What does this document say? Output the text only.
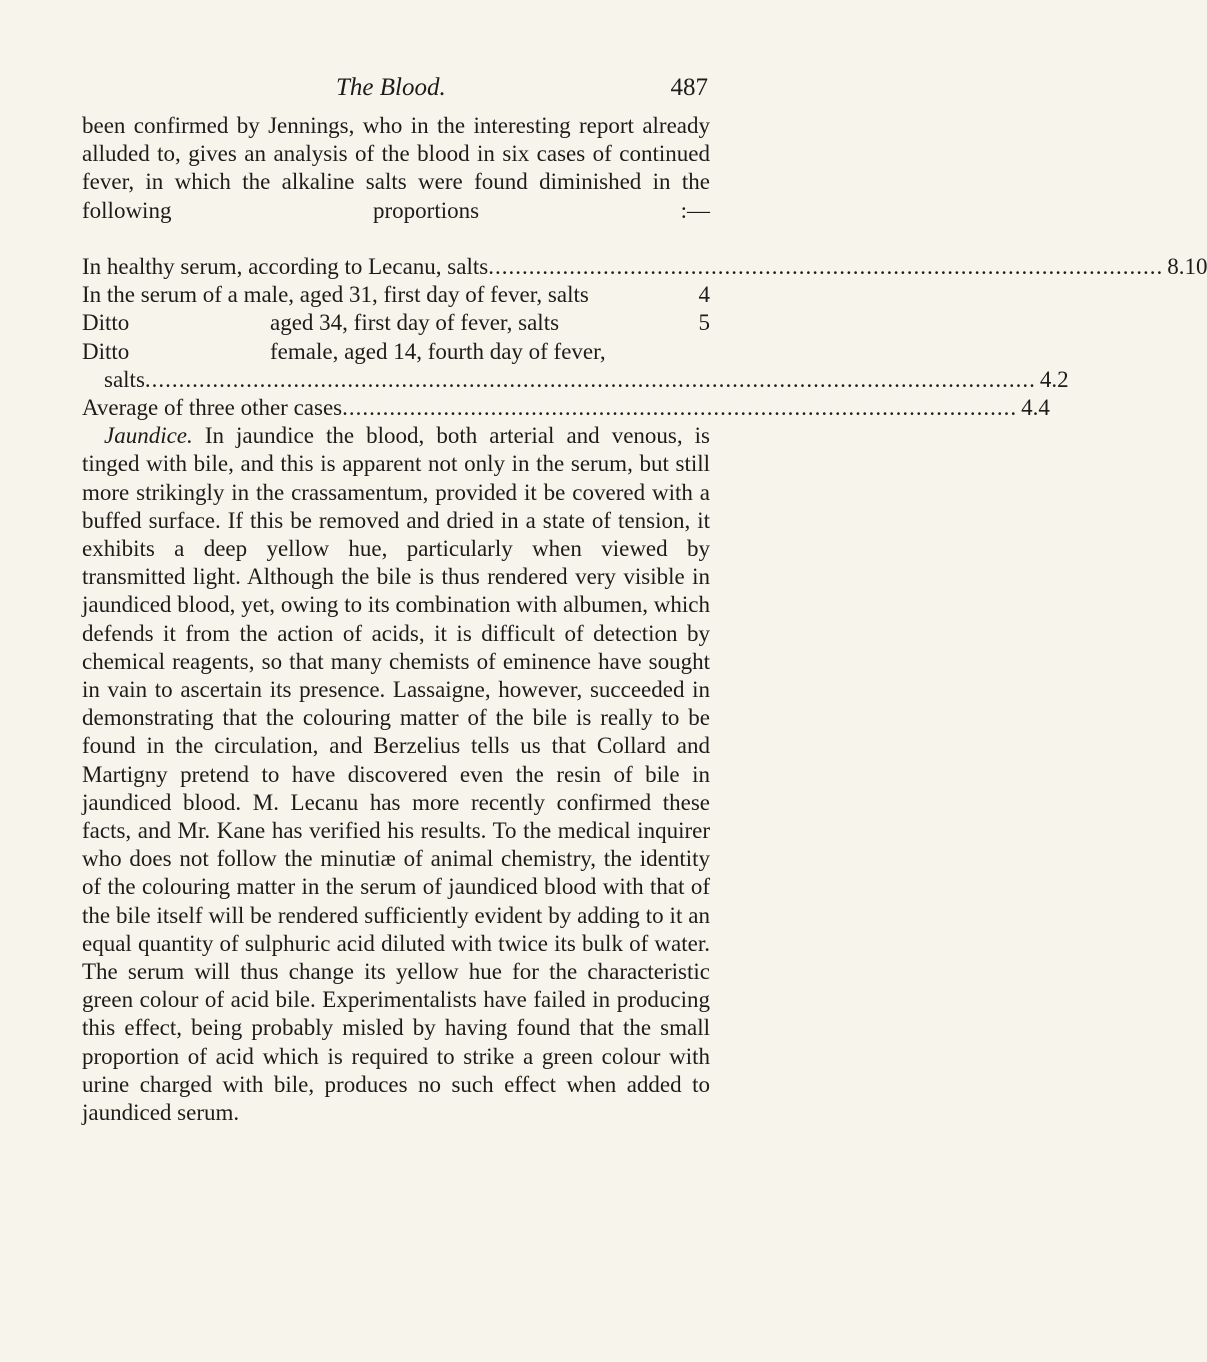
The Blood.	487

been confirmed by Jennings, who in the interesting report already alluded to, gives an analysis of the blood in six cases of continued fever, in which the alkaline salts were found diminished in the following proportions :—

In healthy serum, according to Lecanu, salts .................................................................................................... 8.10
In the serum of a male, aged 31, first day of fever, salts	4
Ditto	aged 34, first day of fever, salts	5
Ditto	female, aged 14, fourth day of fever,
salts .................................................................................................................................... 4.2
Average of three other cases .................................................................................................... 4.4

Jaundice. In jaundice the blood, both arterial and venous, is tinged with bile, and this is apparent not only in the serum, but still more strikingly in the crassamentum, provided it be covered with a buffed surface. If this be removed and dried in a state of tension, it exhibits a deep yellow hue, particularly when viewed by transmitted light. Although the bile is thus rendered very visible in jaundiced blood, yet, owing to its combination with albumen, which defends it from the action of acids, it is difficult of detection by chemical reagents, so that many chemists of eminence have sought in vain to ascertain its presence. Lassaigne, however, succeeded in demonstrating that the colouring matter of the bile is really to be found in the circulation, and Berzelius tells us that Collard and Martigny pretend to have discovered even the resin of bile in jaundiced blood. M. Lecanu has more recently confirmed these facts, and Mr. Kane has verified his results. To the medical inquirer who does not follow the minutiæ of animal chemistry, the identity of the colouring matter in the serum of jaundiced blood with that of the bile itself will be rendered sufficiently evident by adding to it an equal quantity of sulphuric acid diluted with twice its bulk of water. The serum will thus change its yellow hue for the characteristic green colour of acid bile. Experimentalists have failed in producing this effect, being probably misled by having found that the small proportion of acid which is required to strike a green colour with urine charged with bile, produces no such effect when added to jaundiced serum.
